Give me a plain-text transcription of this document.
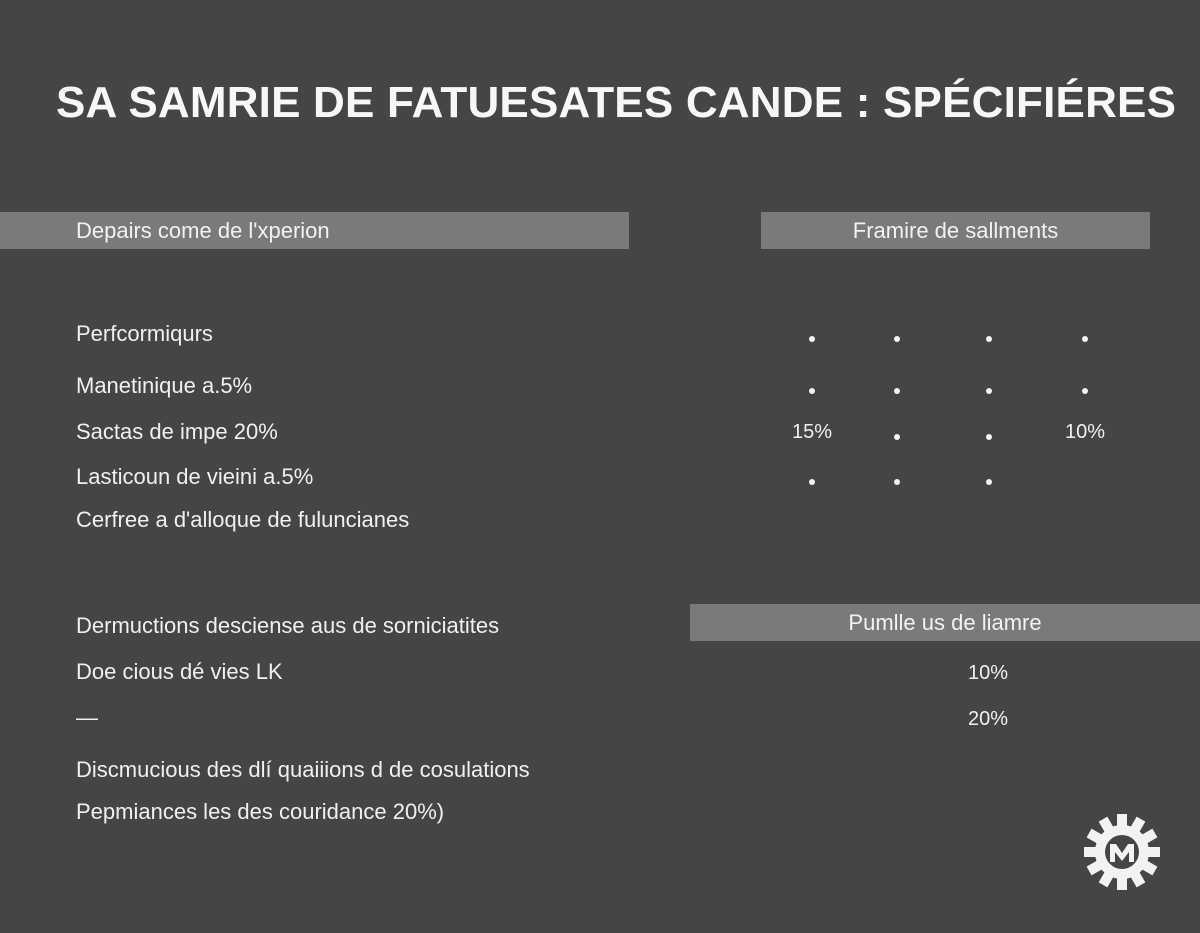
SA SAMRIE DE FATUESATES CANDE : SPÉCIFIÉRES
Depairs come de l'xperion	Framire de sallments
Perfcormiqurs
Manetinique a.5%
Sactas de impe 20%	15%	10%
Lasticoun de vieini a.5%
Cerfree a d'alloque de fuluncianes
Pumlle us de liamre
Dermuctions desciense aus de sorniciatites
Doe cious dé vies LK	10%
—	20%
Discmucious des dlí quaiiions d de cosulations
Pepmiances les des couridance 20%)
